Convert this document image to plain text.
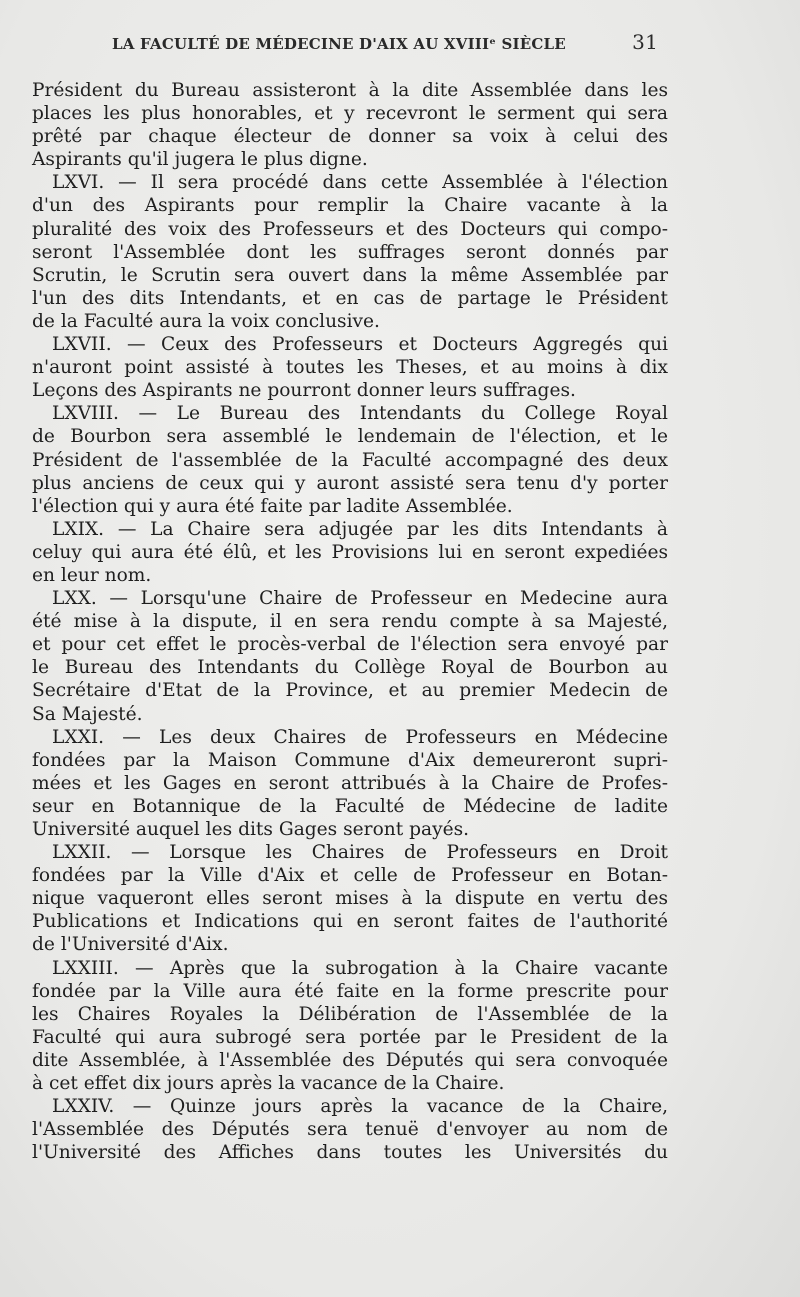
LA FACULTÉ DE MÉDECINE D'AIX AU XVIIIᵉ SIÈCLE	31
Président du Bureau assisteront à la dite Assemblée dans les
places les plus honorables, et y recevront le serment qui sera
prêté par chaque électeur de donner sa voix à celui des
Aspirants qu'il jugera le plus digne.
LXVI. — Il sera procédé dans cette Assemblée à l'élection
d'un des Aspirants pour remplir la Chaire vacante à la
pluralité des voix des Professeurs et des Docteurs qui compo-
seront l'Assemblée dont les suffrages seront donnés par
Scrutin, le Scrutin sera ouvert dans la même Assemblée par
l'un des dits Intendants, et en cas de partage le Président
de la Faculté aura la voix conclusive.
LXVII. — Ceux des Professeurs et Docteurs Aggregés qui
n'auront point assisté à toutes les Theses, et au moins à dix
Leçons des Aspirants ne pourront donner leurs suffrages.
LXVIII. — Le Bureau des Intendants du College Royal
de Bourbon sera assemblé le lendemain de l'élection, et le
Président de l'assemblée de la Faculté accompagné des deux
plus anciens de ceux qui y auront assisté sera tenu d'y porter
l'élection qui y aura été faite par ladite Assemblée.
LXIX. — La Chaire sera adjugée par les dits Intendants à
celuy qui aura été élû, et les Provisions lui en seront expediées
en leur nom.
LXX. — Lorsqu'une Chaire de Professeur en Medecine aura
été mise à la dispute, il en sera rendu compte à sa Majesté,
et pour cet effet le procès-verbal de l'élection sera envoyé par
le Bureau des Intendants du Collège Royal de Bourbon au
Secrétaire d'Etat de la Province, et au premier Medecin de
Sa Majesté.
LXXI. — Les deux Chaires de Professeurs en Médecine
fondées par la Maison Commune d'Aix demeureront supri-
mées et les Gages en seront attribués à la Chaire de Profes-
seur en Botannique de la Faculté de Médecine de ladite
Université auquel les dits Gages seront payés.
LXXII. — Lorsque les Chaires de Professeurs en Droit
fondées par la Ville d'Aix et celle de Professeur en Botan-
nique vaqueront elles seront mises à la dispute en vertu des
Publications et Indications qui en seront faites de l'authorité
de l'Université d'Aix.
LXXIII. — Après que la subrogation à la Chaire vacante
fondée par la Ville aura été faite en la forme prescrite pour
les Chaires Royales la Délibération de l'Assemblée de la
Faculté qui aura subrogé sera portée par le President de la
dite Assemblée, à l'Assemblée des Députés qui sera convoquée
à cet effet dix jours après la vacance de la Chaire.
LXXIV. — Quinze jours après la vacance de la Chaire,
l'Assemblée des Députés sera tenuë d'envoyer au nom de
l'Université des Affiches dans toutes les Universités du
